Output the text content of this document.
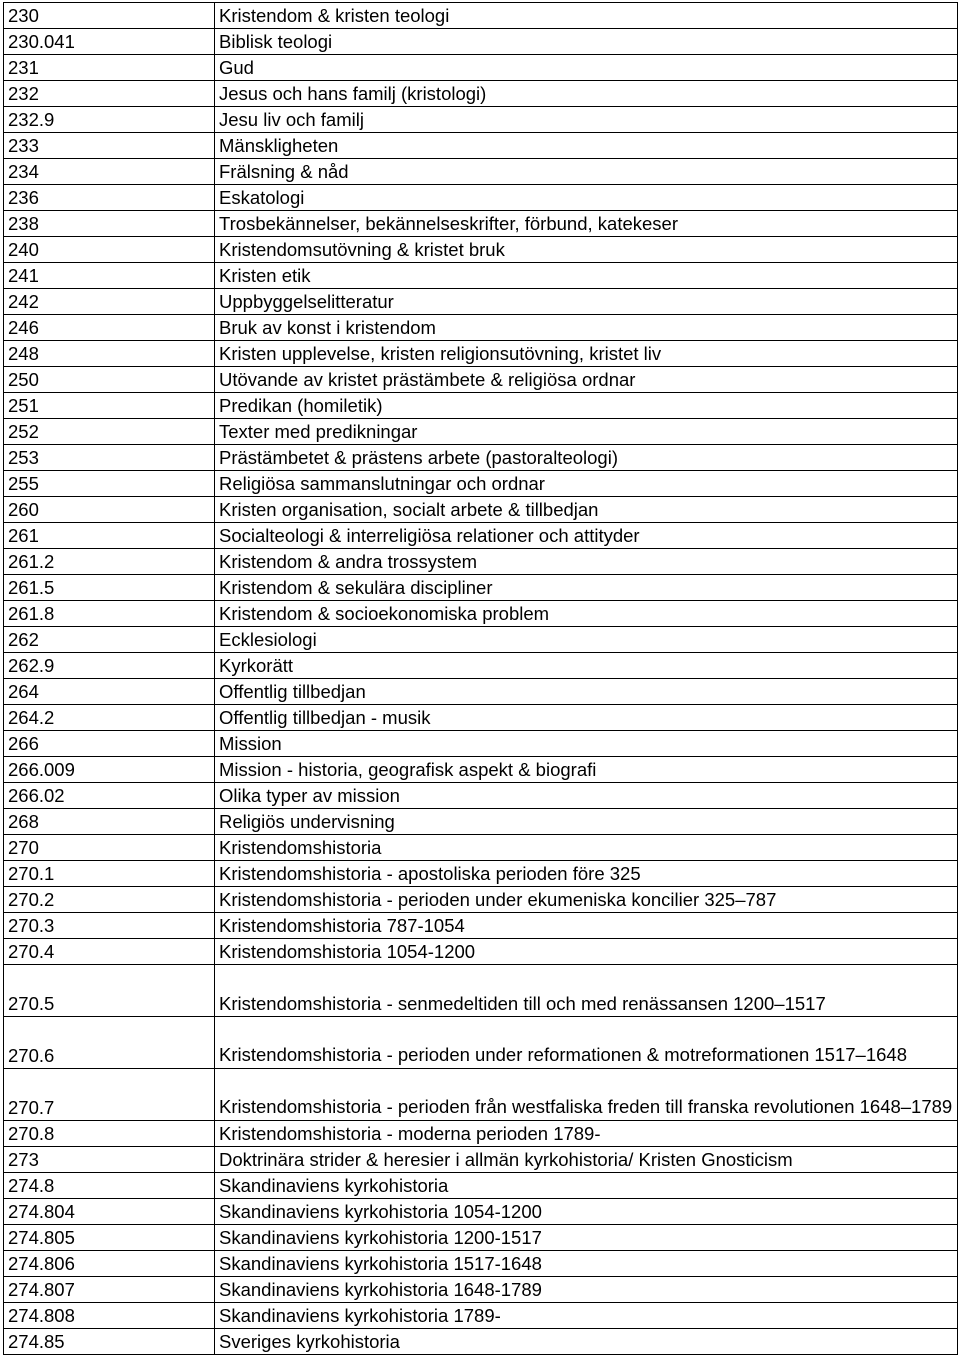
230	Kristendom & kristen teologi
230.041	Biblisk teologi
231	Gud
232	Jesus och hans familj (kristologi)
232.9	Jesu liv och familj
233	Mänskligheten
234	Frälsning & nåd
236	Eskatologi
238	Trosbekännelser, bekännelseskrifter, förbund, katekeser
240	Kristendomsutövning & kristet bruk
241	Kristen etik
242	Uppbyggelselitteratur
246	Bruk av konst i kristendom
248	Kristen upplevelse, kristen religionsutövning, kristet liv
250	Utövande av kristet prästämbete & religiösa ordnar
251	Predikan (homiletik)
252	Texter med predikningar
253	Prästämbetet & prästens arbete (pastoralteologi)
255	Religiösa sammanslutningar och ordnar
260	Kristen organisation, socialt arbete & tillbedjan
261	Socialteologi & interreligiösa relationer och attityder
261.2	Kristendom & andra trossystem
261.5	Kristendom & sekulära discipliner
261.8	Kristendom & socioekonomiska problem
262	Ecklesiologi
262.9	Kyrkorätt
264	Offentlig tillbedjan
264.2	Offentlig tillbedjan - musik
266	Mission
266.009	Mission - historia, geografisk aspekt & biografi
266.02	Olika typer av mission
268	Religiös undervisning
270	Kristendomshistoria
270.1	Kristendomshistoria - apostoliska perioden före 325
270.2	Kristendomshistoria - perioden under ekumeniska koncilier 325–787
270.3	Kristendomshistoria 787-1054
270.4	Kristendomshistoria 1054-1200
270.5	Kristendomshistoria - senmedeltiden till och med renässansen 1200–1517
270.6	Kristendomshistoria - perioden under reformationen & motreformationen 1517–1648
270.7	Kristendomshistoria - perioden från westfaliska freden till franska revolutionen 1648–1789
270.8	Kristendomshistoria - moderna perioden 1789-
273	Doktrinära strider & heresier i allmän kyrkohistoria/ Kristen Gnosticism
274.8	Skandinaviens kyrkohistoria
274.804	Skandinaviens kyrkohistoria 1054-1200
274.805	Skandinaviens kyrkohistoria 1200-1517
274.806	Skandinaviens kyrkohistoria 1517-1648
274.807	Skandinaviens kyrkohistoria 1648-1789
274.808	Skandinaviens kyrkohistoria 1789-
274.85	Sveriges kyrkohistoria
